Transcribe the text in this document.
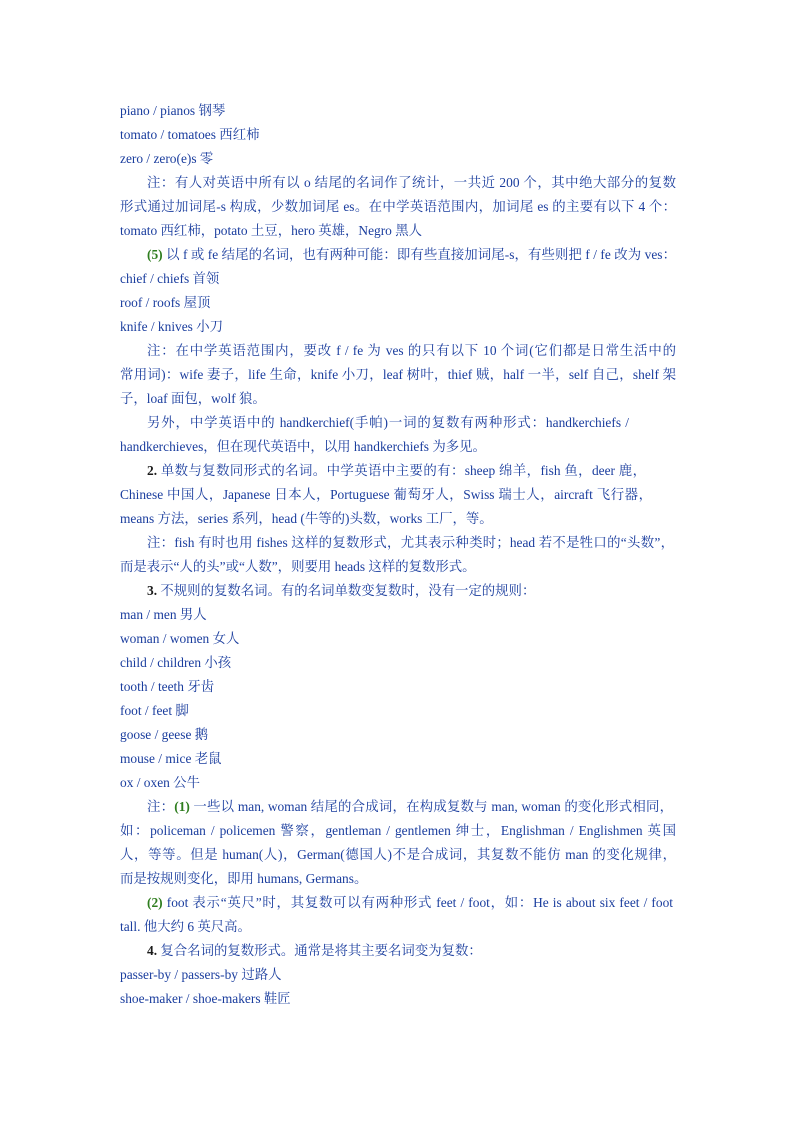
piano / pianos 钢琴
tomato / tomatoes 西红柿
zero / zero(e)s 零
注：有人对英语中所有以 o 结尾的名词作了统计，一共近 200 个，其中绝大部分的复数
形式通过加词尾-s 构成，少数加词尾 es。在中学英语范围内，加词尾 es 的主要有以下 4 个：
tomato 西红柿，potato 土豆，hero 英雄，Negro 黑人
(5) 以 f 或 fe 结尾的名词，也有两种可能：即有些直接加词尾-s，有些则把 f / fe 改为 ves：
chief / chiefs 首领
roof / roofs 屋顶
knife / knives 小刀
注：在中学英语范围内，要改 f / fe 为 ves 的只有以下 10 个词(它们都是日常生活中的
常用词)：wife 妻子，life 生命，knife 小刀，leaf 树叶，thief 贼，half 一半，self 自己，shelf 架
子，loaf 面包，wolf 狼。
另外，中学英语中的 handkerchief(手帕)一词的复数有两种形式：handkerchiefs /
handkerchieves，但在现代英语中，以用 handkerchiefs 为多见。
2. 单数与复数同形式的名词。中学英语中主要的有：sheep 绵羊，fish 鱼，deer 鹿，
Chinese 中国人，Japanese 日本人，Portuguese 葡萄牙人，Swiss 瑞士人，aircraft 飞行器，
means 方法，series 系列，head (牛等的)头数，works 工厂，等。
注：fish 有时也用 fishes 这样的复数形式，尤其表示种类时；head 若不是牲口的“头数”，
而是表示“人的头”或“人数”，则要用 heads 这样的复数形式。
3. 不规则的复数名词。有的名词单数变复数时，没有一定的规则：
man / men 男人
woman / women 女人
child / children 小孩
tooth / teeth 牙齿
foot / feet 脚
goose / geese 鹅
mouse / mice 老鼠
ox / oxen 公牛
注：(1) 一些以 man, woman 结尾的合成词，在构成复数与 man, woman 的变化形式相同，
如：policeman / policemen 警察，gentleman / gentlemen 绅士，Englishman / Englishmen 英国
人，等等。但是 human(人)，German(德国人)不是合成词，其复数不能仿 man 的变化规律，
而是按规则变化，即用 humans, Germans。
(2) foot 表示“英尺”时，其复数可以有两种形式 feet / foot，如：He is about six feet / foot
tall. 他大约 6 英尺高。
4. 复合名词的复数形式。通常是将其主要名词变为复数：
passer-by / passers-by 过路人
shoe-maker / shoe-makers 鞋匠
